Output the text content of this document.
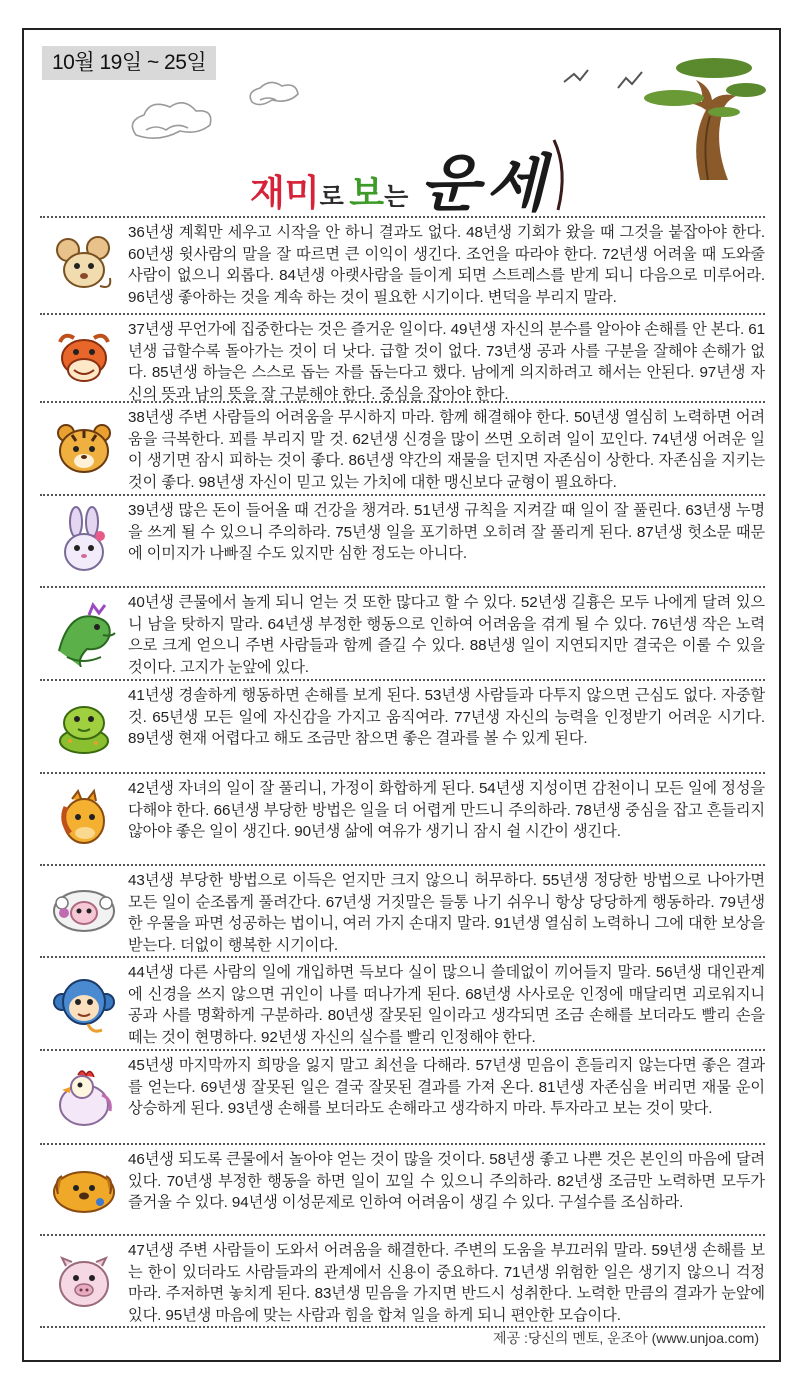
10월 19일 ~ 25일
재미로 보는 운세
36년생 계획만 세우고 시작을 안 하니 결과도 없다. 48년생 기회가 왔을 때 그것을 붙잡아야 한다. 60년생 윗사람의 말을 잘 따르면 큰 이익이 생긴다. 조언을 따라야 한다. 72년생 어려울 때 도와줄 사람이 없으니 외롭다. 84년생 아랫사람을 들이게 되면 스트레스를 받게 되니 다음으로 미루어라. 96년생 좋아하는 것을 계속 하는 것이 필요한 시기이다. 변덕을 부리지 말라.
37년생 무언가에 집중한다는 것은 즐거운 일이다. 49년생 자신의 분수를 알아야 손해를 안 본다. 61년생 급할수록 돌아가는 것이 더 낫다. 급할 것이 없다. 73년생 공과 사를 구분을 잘해야 손해가 없다. 85년생 하늘은 스스로 돕는 자를 돕는다고 했다. 남에게 의지하려고 해서는 안된다. 97년생 자신의 뜻과 남의 뜻을 잘 구분해야 한다. 중심을 잡아야 한다.
38년생 주변 사람들의 어려움을 무시하지 마라. 함께 해결해야 한다. 50년생 열심히 노력하면 어려움을 극복한다. 꾀를 부리지 말 것. 62년생 신경을 많이 쓰면 오히려 일이 꼬인다. 74년생 어려운 일이 생기면 잠시 피하는 것이 좋다. 86년생 약간의 재물을 던지면 자존심이 상한다. 자존심을 지키는 것이 좋다. 98년생 자신이 믿고 있는 가치에 대한 맹신보다 균형이 필요하다.
39년생 많은 돈이 들어올 때 건강을 챙겨라. 51년생 규칙을 지켜갈 때 일이 잘 풀린다. 63년생 누명을 쓰게 될 수 있으니 주의하라. 75년생 일을 포기하면 오히려 잘 풀리게 된다. 87년생 헛소문 때문에 이미지가 나빠질 수도 있지만 심한 정도는 아니다.
40년생 큰물에서 놀게 되니 얻는 것 또한 많다고 할 수 있다. 52년생 길흉은 모두 나에게 달려 있으니 남을 탓하지 말라. 64년생 부정한 행동으로 인하여 어려움을 겪게 될 수 있다. 76년생 작은 노력으로 크게 얻으니 주변 사람들과 함께 즐길 수 있다. 88년생 일이 지연되지만 결국은 이룰 수 있을 것이다. 고지가 눈앞에 있다.
41년생 경솔하게 행동하면 손해를 보게 된다. 53년생 사람들과 다투지 않으면 근심도 없다. 자중할 것. 65년생 모든 일에 자신감을 가지고 움직여라. 77년생 자신의 능력을 인정받기 어려운 시기다. 89년생 현재 어렵다고 해도 조금만 참으면 좋은 결과를 볼 수 있게 된다.
42년생 자녀의 일이 잘 풀리니, 가정이 화합하게 된다. 54년생 지성이면 감천이니 모든 일에 정성을 다해야 한다. 66년생 부당한 방법은 일을 더 어렵게 만드니 주의하라. 78년생 중심을 잡고 흔들리지 않아야 좋은 일이 생긴다. 90년생 삶에 여유가 생기니 잠시 쉴 시간이 생긴다.
43년생 부당한 방법으로 이득은 얻지만 크지 않으니 허무하다. 55년생 정당한 방법으로 나아가면 모든 일이 순조롭게 풀려간다. 67년생 거짓말은 들통 나기 쉬우니 항상 당당하게 행동하라. 79년생 한 우물을 파면 성공하는 법이니, 여러 가지 손대지 말라. 91년생 열심히 노력하니 그에 대한 보상을 받는다. 더없이 행복한 시기이다.
44년생 다른 사람의 일에 개입하면 득보다 실이 많으니 쓸데없이 끼어들지 말라. 56년생 대인관계에 신경을 쓰지 않으면 귀인이 나를 떠나가게 된다. 68년생 사사로운 인정에 매달리면 괴로워지니 공과 사를 명확하게 구분하라. 80년생 잘못된 일이라고 생각되면 조금 손해를 보더라도 빨리 손을 떼는 것이 현명하다. 92년생 자신의 실수를 빨리 인정해야 한다.
45년생 마지막까지 희망을 잃지 말고 최선을 다해라. 57년생 믿음이 흔들리지 않는다면 좋은 결과를 얻는다. 69년생 잘못된 일은 결국 잘못된 결과를 가져 온다. 81년생 자존심을 버리면 재물 운이 상승하게 된다. 93년생 손해를 보더라도 손해라고 생각하지 마라. 투자라고 보는 것이 맞다.
46년생 되도록 큰물에서 놀아야 얻는 것이 많을 것이다. 58년생 좋고 나쁜 것은 본인의 마음에 달려 있다. 70년생 부정한 행동을 하면 일이 꼬일 수 있으니 주의하라. 82년생 조금만 노력하면 모두가 즐거울 수 있다. 94년생 이성문제로 인하여 어려움이 생길 수 있다. 구설수를 조심하라.
47년생 주변 사람들이 도와서 어려움을 해결한다. 주변의 도움을 부끄러워 말라. 59년생 손해를 보는 한이 있더라도 사람들과의 관계에서 신용이 중요하다. 71년생 위험한 일은 생기지 않으니 걱정마라. 주저하면 놓치게 된다. 83년생 믿음을 가지면 반드시 성취한다. 노력한 만큼의 결과가 눈앞에 있다. 95년생 마음에 맞는 사람과 힘을 합쳐 일을 하게 되니 편안한 모습이다.
제공 :당신의 멘토, 운조아 (www.unjoa.com)
